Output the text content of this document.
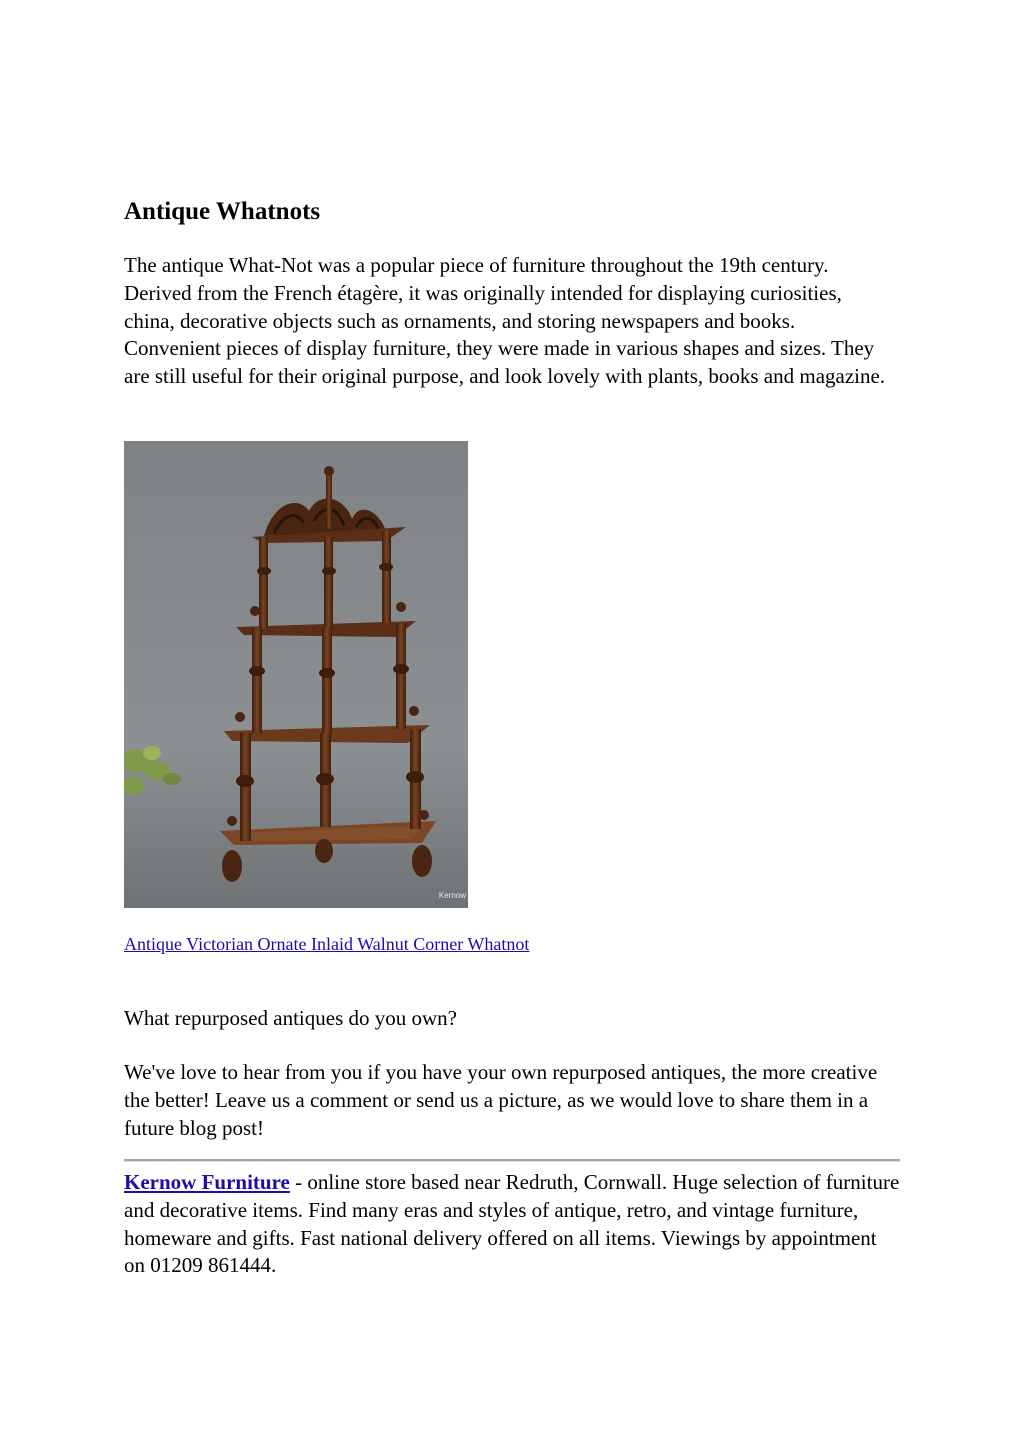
Antique Whatnots

The antique What-Not was a popular piece of furniture throughout the 19th century. Derived from the French étagère, it was originally intended for displaying curiosities, china, decorative objects such as ornaments, and storing newspapers and books. Convenient pieces of display furniture, they were made in various shapes and sizes. They are still useful for their original purpose, and look lovely with plants, books and magazine.

Kernow

Antique Victorian Ornate Inlaid Walnut Corner Whatnot

What repurposed antiques do you own?

We've love to hear from you if you have your own repurposed antiques, the more creative the better! Leave us a comment or send us a picture, as we would love to share them in a future blog post!

Kernow Furniture - online store based near Redruth, Cornwall. Huge selection of furniture and decorative items. Find many eras and styles of antique, retro, and vintage furniture, homeware and gifts. Fast national delivery offered on all items. Viewings by appointment on 01209 861444.
